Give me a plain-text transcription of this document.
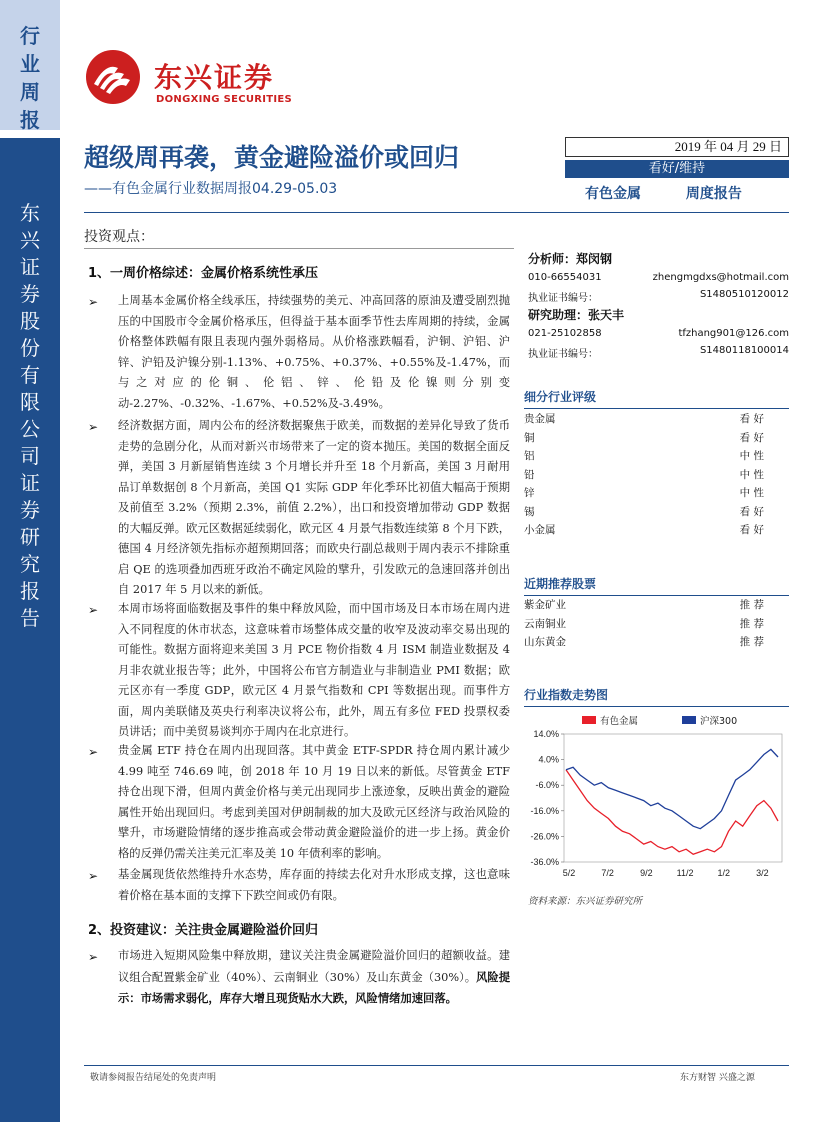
行业周报
东兴证券股份有限公司证券研究报告
东兴证券
DONGXING SECURITIES
超级周再袭，黄金避险溢价或回归
——有色金属行业数据周报04.29-05.03
2019 年 04 月 29 日
看好/维持
有色金属	周度报告
投资观点：
1、一周价格综述：金属价格系统性承压
➢ 上周基本金属价格全线承压，持续强势的美元、冲高回落的原油及遭受剧烈抛压的中国股市令金属价格承压，但得益于基本面季节性去库周期的持续，金属价格整体跌幅有限且表现内强外弱格局。从价格涨跌幅看，沪铜、沪铝、沪锌、沪铅及沪镍分别-1.13%、+0.75%、+0.37%、+0.55%及-1.47%，而与之对应的伦铜、伦铝、锌、伦铅及伦镍则分别变动-2.27%、-0.32%、-1.67%、+0.52%及-3.49%。
➢ 经济数据方面，周内公布的经济数据聚焦于欧美，而数据的差异化导致了货币走势的急剧分化，从而对新兴市场带来了一定的资本抛压。美国的数据全面反弹，美国 3 月新屋销售连续 3 个月增长并升至 18 个月新高，美国 3 月耐用品订单数据创 8 个月新高，美国 Q1 实际 GDP 年化季环比初值大幅高于预期及前值至 3.2%（预期 2.3%，前值 2.2%），出口和投资增加带动 GDP 数据的大幅反弹。欧元区数据延续弱化，欧元区 4 月景气指数连续第 8 个月下跌，德国 4 月经济领先指标亦超预期回落；而欧央行副总裁则于周内表示不排除重启 QE 的选项叠加西班牙政治不确定风险的擘升，引发欧元的急速回落并创出自 2017 年 5 月以来的新低。
➢ 本周市场将面临数据及事件的集中释放风险，而中国市场及日本市场在周内进入不同程度的休市状态，这意味着市场整体成交量的收窄及波动率交易出现的可能性。数据方面将迎来美国 3 月 PCE 物价指数 4 月 ISM 制造业数据及 4 月非农就业报告等；此外，中国将公布官方制造业与非制造业 PMI 数据；欧元区亦有一季度 GDP，欧元区 4 月景气指数和 CPI 等数据出现。而事件方面，周内美联储及英央行利率决议将公布，此外，周五有多位 FED 投票权委员讲话；而中美贸易谈判亦于周内在北京进行。
➢ 贵金属 ETF 持仓在周内出现回落。其中黄金 ETF-SPDR 持仓周内累计减少 4.99 吨至 746.69 吨，创 2018 年 10 月 19 日以来的新低。尽管黄金 ETF 持仓出现下滑，但周内黄金价格与美元出现同步上涨迹象，反映出黄金的避险属性开始出现回归。考虑到美国对伊朗制裁的加大及欧元区经济与政治风险的擘升，市场避险情绪的逐步推高或会带动黄金避险溢价的进一步上扬。黄金价格的反弹仍需关注美元汇率及美 10 年债利率的影响。
➢ 基金属现货依然维持升水态势，库存面的持续去化对升水形成支撑，这也意味着价格在基本面的支撑下下跌空间或仍有限。
2、投资建议：关注贵金属避险溢价回归
➢ 市场进入短期风险集中释放期，建议关注贵金属避险溢价回归的超额收益。建议组合配置紫金矿业（40%）、云南铜业（30%）及山东黄金（30%）。风险提示：市场需求弱化，库存大增且现货贴水大跌，风险情绪加速回落。
分析师：郑闵钢
010-66554031	zhengmgdxs@hotmail.com
执业证书编号：	S1480510120012
研究助理：张天丰
021-25102858	tfzhang901@126.com
执业证书编号：	S1480118100014
细分行业评级
贵金属	看 好
铜	看 好
铝	中 性
铅	中 性
锌	中 性
锡	看 好
小金属	看 好
近期推荐股票
紫金矿业	推 荐
云南铜业	推 荐
山东黄金	推 荐
行业指数走势图
14.0%
4.0%
-6.0%
-16.0%
-26.0%
-36.0%
5/2	7/2	9/2	11/2	1/2	3/2
有色金属	沪深300
资料来源：东兴证券研究所
敬请参阅报告结尾处的免责声明	东方财智 兴盛之源
